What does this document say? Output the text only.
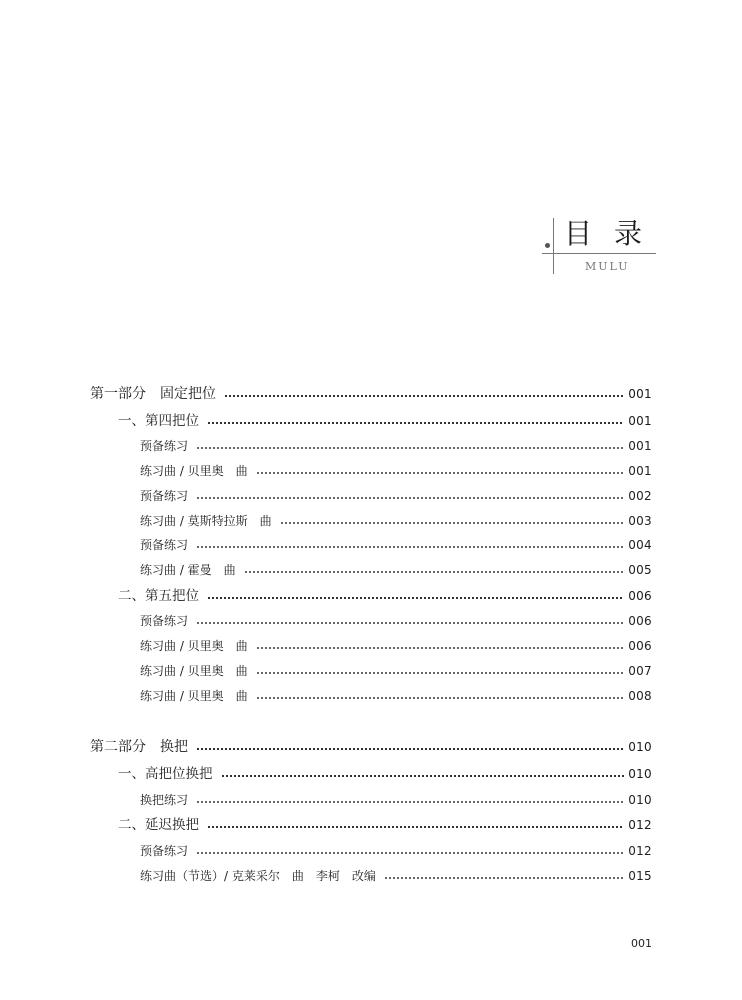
目录
MULU
第一部分　固定把位	001
一、第四把位	001
预备练习	001
练习曲 / 贝里奥　曲	001
预备练习	002
练习曲 / 莫斯特拉斯　曲	003
预备练习	004
练习曲 / 霍曼　曲	005
二、第五把位	006
预备练习	006
练习曲 / 贝里奥　曲	006
练习曲 / 贝里奥　曲	007
练习曲 / 贝里奥　曲	008
第二部分　换把	010
一、高把位换把	010
换把练习	010
二、延迟换把	012
预备练习	012
练习曲（节选）/ 克莱采尔　曲　李柯　改编	015
001
